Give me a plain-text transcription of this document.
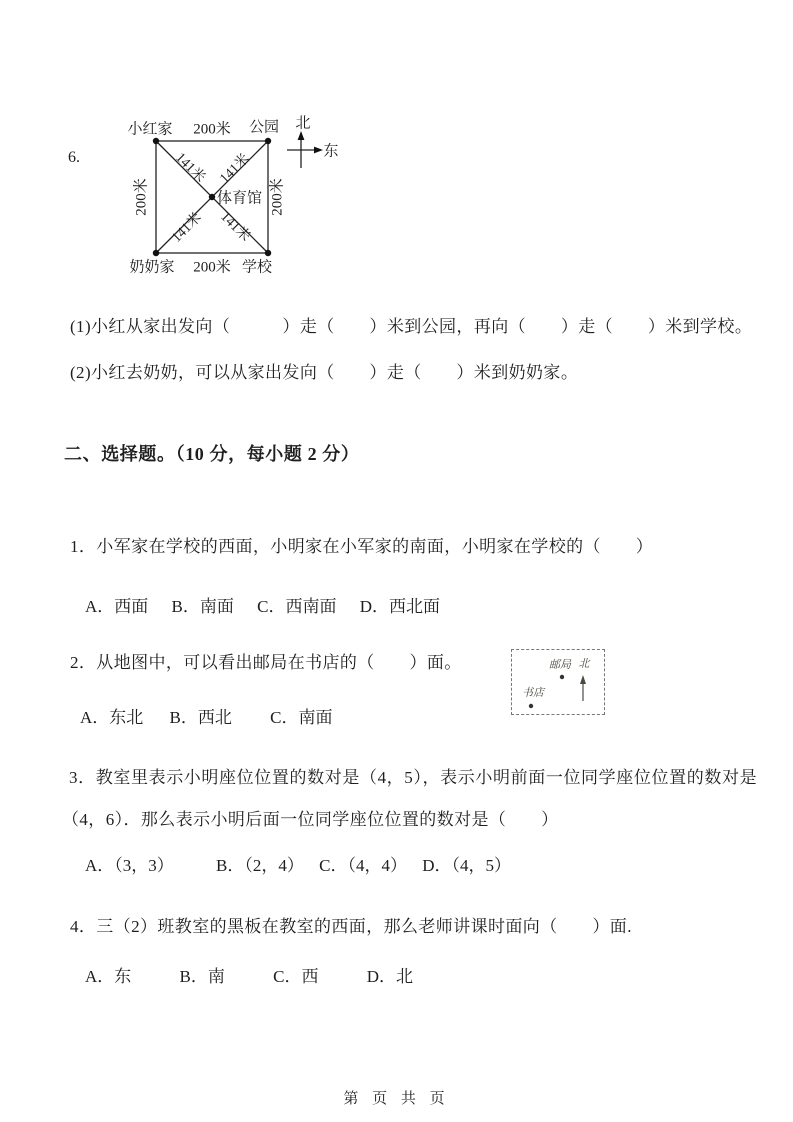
6.
小红家 200米 公园 北
东
200米	200米
体育馆
141米 141米
141米 141米
奶奶家 200米 学校
(1)小红从家出发向（　　　）走（　　）米到公园，再向（　　）走（　　）米到学校。
(2)小红去奶奶，可以从家出发向（　　）走（　　）米到奶奶家。
二、选择题。（10 分，每小题 2 分）
1．小军家在学校的西面，小明家在小军家的南面，小明家在学校的（　　）
A．西面 B．南面 C．西南面 D．西北面
2．从地图中，可以看出邮局在书店的（　　）面。	邮局 北
书店
A．东北 B．西北 C．南面
3．教室里表示小明座位位置的数对是（4，5），表示小明前面一位同学座位位置的数对是（4，6）．那么表示小明后面一位同学座位位置的数对是（　　）
A．（3，3） B．（2，4） C．（4，4） D．（4，5）
4．三（2）班教室的黑板在教室的西面，那么老师讲课时面向（　　）面.
A．东	B．南	C．西	D．北
第 页 共 页
